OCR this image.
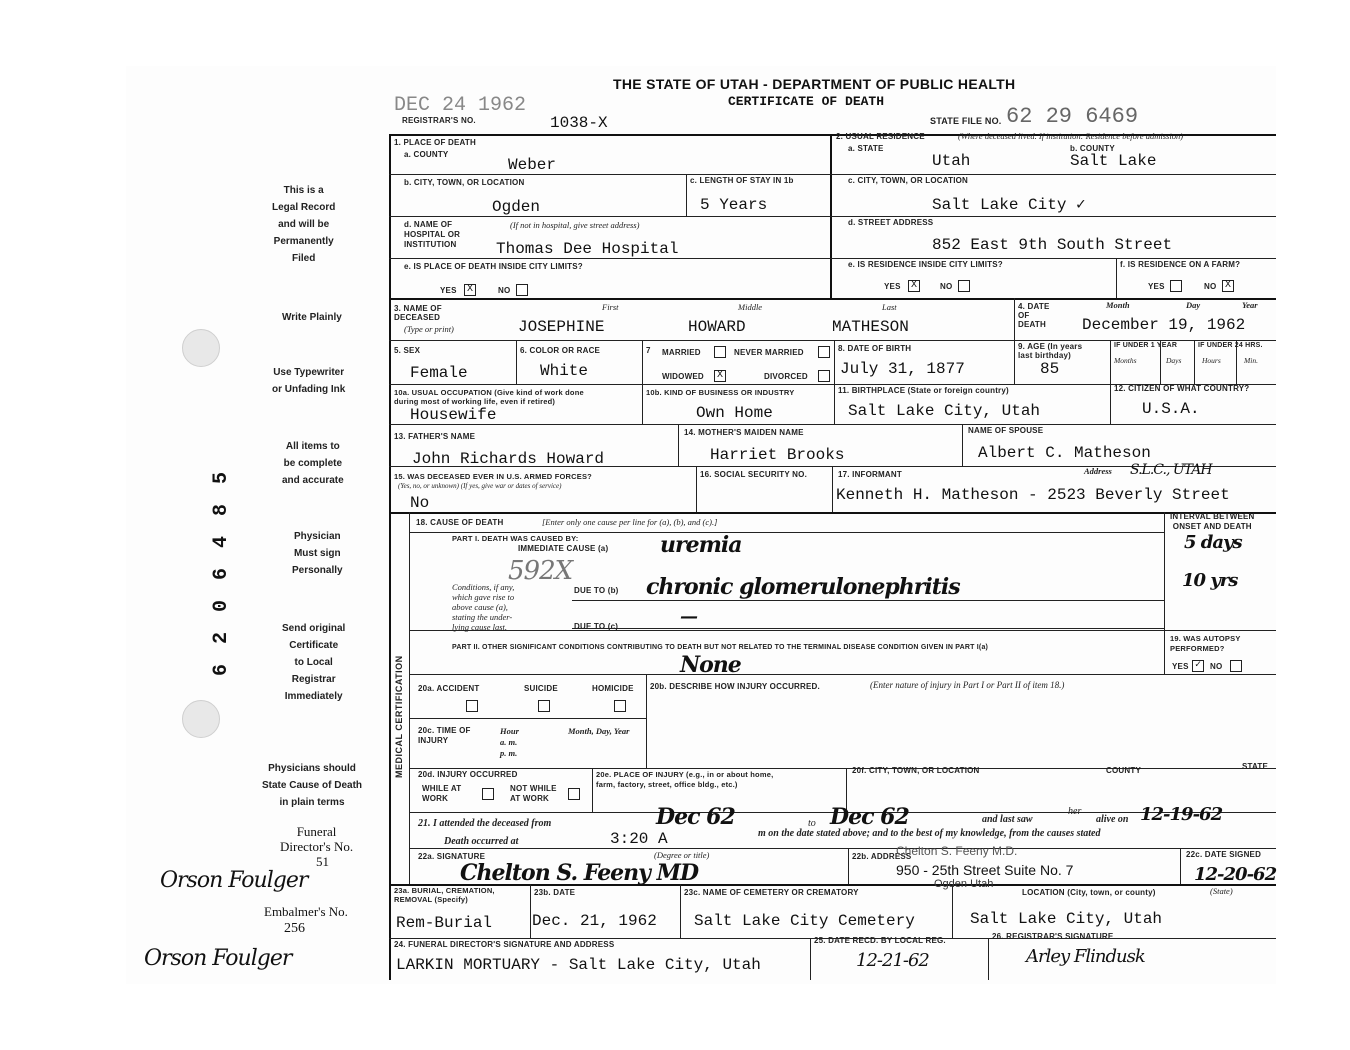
DEC 24 1962
THE STATE OF UTAH - DEPARTMENT OF PUBLIC HEALTH
CERTIFICATE OF DEATH
REGISTRAR'S NO.	1038-X	STATE FILE NO. 62 29 6469
This is a
Legal Record
and will be
Permanently
Filed
Write Plainly
Use Typewriter
or Unfading Ink
All items to
be complete
and accurate
Physician
Must sign
Personally
Send original
Certificate
to Local
Registrar
Immediately
Physicians should
State Cause of Death
in plain terms
6 2 0 6 4 8 5
Funeral
Director's No.
51
Orson Foulger
Embalmer's No.
256
Orson Foulger
1. PLACE OF DEATH
a. COUNTY
Weber
b. CITY, TOWN, OR LOCATION
Ogden
c. LENGTH OF STAY IN 1b
5 Years
d. NAME OF
HOSPITAL OR
INSTITUTION
(If not in hospital, give street address)
Thomas Dee Hospital
e. IS PLACE OF DEATH INSIDE CITY LIMITS?
YES X	NO
2. USUAL RESIDENCE	(Where deceased lived. If institution: Residence before admission)
a. STATE
Utah
b. COUNTY
Salt Lake
c. CITY, TOWN, OR LOCATION
Salt Lake City ✓
d. STREET ADDRESS
852 East 9th South Street
e. IS RESIDENCE INSIDE CITY LIMITS?
YES X	NO
f. IS RESIDENCE ON A FARM?
YES	NO X
3. NAME OF
DECEASED
(Type or print)
First	Middle	Last
JOSEPHINE	HOWARD	MATHESON
4. DATE
OF
DEATH
Month	Day	Year
December 19, 1962
5. SEX
Female
6. COLOR OR RACE
White
7 MARRIED	NEVER MARRIED
WIDOWED X	DIVORCED
8. DATE OF BIRTH
July 31, 1877
9. AGE (In years
last birthday)
85
IF UNDER 1 YEAR	IF UNDER 24 HRS.
Months	Days	Hours	Min.
10a. USUAL OCCUPATION (Give kind of work done
during most of working life, even if retired)
Housewife
10b. KIND OF BUSINESS OR INDUSTRY
Own Home
11. BIRTHPLACE (State or foreign country)
Salt Lake City, Utah
12. CITIZEN OF WHAT COUNTRY?
U.S.A.
13. FATHER'S NAME
John Richards Howard
14. MOTHER'S MAIDEN NAME
Harriet Brooks
NAME OF SPOUSE
Albert C. Matheson
15. WAS DECEASED EVER IN U.S. ARMED FORCES?
(Yes, no, or unknown) (If yes, give war or dates of service)
No
16. SOCIAL SECURITY NO.	17. INFORMANT	Address S.L.C., UTAH
Kenneth H. Matheson - 2523 Beverly Street
MEDICAL CERTIFICATION
18. CAUSE OF DEATH	[Enter only one cause per line for (a), (b), and (c).]
INTERVAL BETWEEN
ONSET AND DEATH
PART I. DEATH WAS CAUSED BY:
IMMEDIATE CAUSE (a) uremia	5 days
592X
Conditions, if any,
which gave rise to
above cause (a),
stating the under-
lying cause last.
DUE TO (b) chronic glomerulonephritis	10 yrs
DUE TO (c)	—
PART II. OTHER SIGNIFICANT CONDITIONS CONTRIBUTING TO DEATH BUT NOT RELATED TO THE TERMINAL DISEASE CONDITION GIVEN IN PART I(a)
None
19. WAS AUTOPSY
PERFORMED?
YES ✓	NO
20a. ACCIDENT	SUICIDE	HOMICIDE 20b. DESCRIBE HOW INJURY OCCURRED.	(Enter nature of injury in Part I or Part II of item 18.)
20c. TIME OF
INJURY
Hour
a. m.
p. m.
Month, Day, Year
20d. INJURY OCCURRED
WHILE AT
WORK
NOT WHILE
AT WORK
20e. PLACE OF INJURY (e.g., in or about home,
farm, factory, street, office bldg., etc.)
20f. CITY, TOWN, OR LOCATION	COUNTY	STATE
21. I attended the deceased from	Dec 62	to Dec 62	and last saw
her
alive on 12-19-62
Death occurred at	3:20 A	m on the date stated above; and to the best of my knowledge, from the causes stated
22a. SIGNATURE	(Degree or title)
Chelton S. Feeny MD
22b. ADDRESS
Chelton S. Feeny M.D.
950 - 25th Street Suite No. 7
Ogden Utah
22c. DATE SIGNED
12-20-62
23a. BURIAL, CREMATION,
REMOVAL (Specify)
Rem-Burial
23b. DATE
Dec. 21, 1962
23c. NAME OF CEMETERY OR CREMATORY
Salt Lake City Cemetery
LOCATION (City, town, or county)	(State)
Salt Lake City, Utah
24. FUNERAL DIRECTOR'S SIGNATURE AND ADDRESS
LARKIN MORTUARY - Salt Lake City, Utah
25. DATE RECD. BY LOCAL REG.
12-21-62
26. REGISTRAR'S SIGNATURE
Arley Flindusk
